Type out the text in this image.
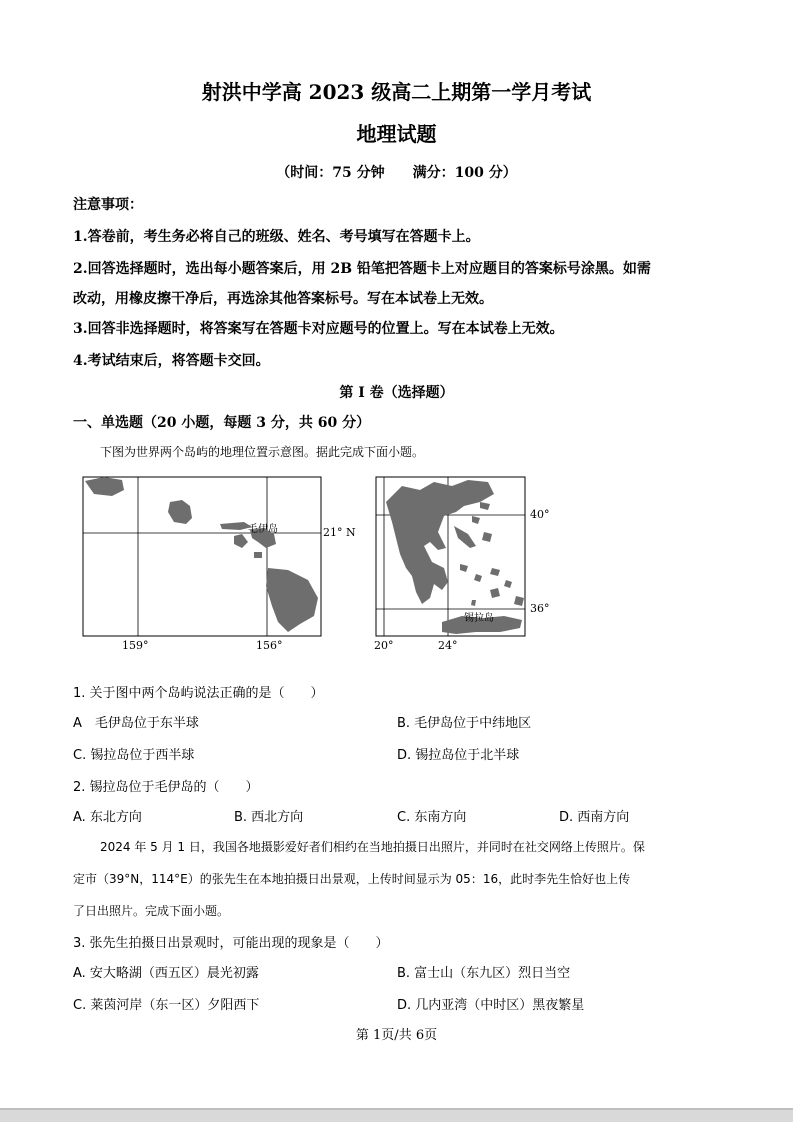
射洪中学高 2023 级高二上期第一学月考试
地理试题
（时间：75 分钟　　满分：100 分）
注意事项：
1.答卷前，考生务必将自己的班级、姓名、考号填写在答题卡上。
2.回答选择题时，选出每小题答案后，用 2B 铅笔把答题卡上对应题目的答案标号涂黑。如需
改动，用橡皮擦干净后，再选涂其他答案标号。写在本试卷上无效。
3.回答非选择题时，将答案写在答题卡对应题号的位置上。写在本试卷上无效。
4.考试结束后，将答题卡交回。
第 I 卷（选择题）
一、单选题（20 小题，每题 3 分，共 60 分）
下图为世界两个岛屿的地理位置示意图。据此完成下面小题。
毛伊岛	21° N
159°	156°
锡拉岛
40°
36°
20°	24°
1. 关于图中两个岛屿说法正确的是（　　）
A　毛伊岛位于东半球	B. 毛伊岛位于中纬地区
C. 锡拉岛位于西半球	D. 锡拉岛位于北半球
2. 锡拉岛位于毛伊岛的（　　）
A. 东北方向	B. 西北方向	C. 东南方向	D. 西南方向
2024 年 5 月 1 日，我国各地摄影爱好者们相约在当地拍摄日出照片，并同时在社交网络上传照片。保
定市（39°N，114°E）的张先生在本地拍摄日出景观，上传时间显示为 05：16，此时李先生恰好也上传
了日出照片。完成下面小题。
3. 张先生拍摄日出景观时，可能出现的现象是（　　）
A. 安大略湖（西五区）晨光初露	B. 富士山（东九区）烈日当空
C. 莱茵河岸（东一区）夕阳西下	D. 几内亚湾（中时区）黑夜繁星
第 1页/共 6页
